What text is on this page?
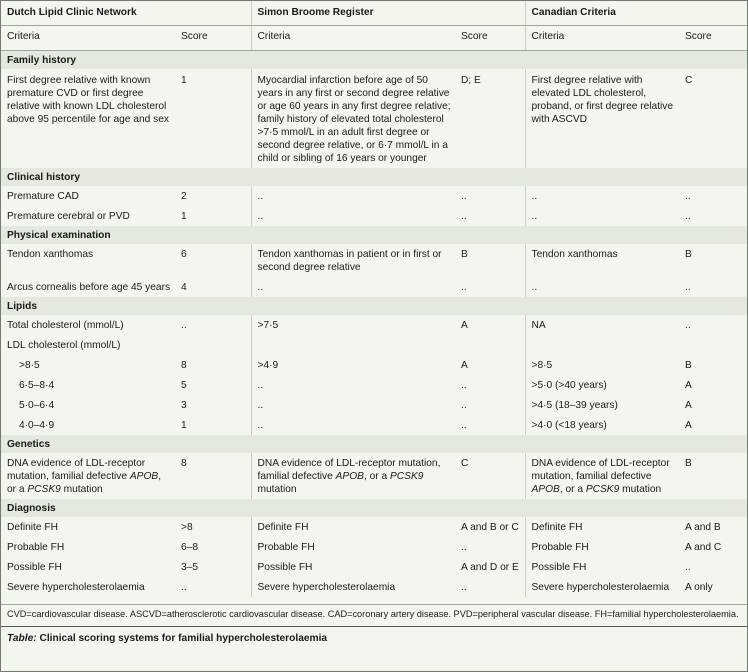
Dutch Lipid Clinic Network		Simon Broome Register		Canadian Criteria	
Criteria	Score	Criteria	Score	Criteria	Score
Family history					
First degree relative with known premature CVD or first degree relative with known LDL cholesterol above 95 percentile for age and sex	1	Myocardial infarction before age of 50 years in any first or second degree relative or age 60 years in any first degree relative; family history of elevated total cholesterol >7·5 mmol/L in an adult first degree or second degree relative, or 6·7 mmol/L in a child or sibling of 16 years or younger	D; E	First degree relative with elevated LDL cholesterol, proband, or first degree relative with ASCVD	C
Clinical history					
Premature CAD	2	..	..	..	..
Premature cerebral or PVD	1	..	..	..	..
Physical examination					
Tendon xanthomas	6	Tendon xanthomas in patient or in first or second degree relative	B	Tendon xanthomas	B
Arcus cornealis before age 45 years	4	..	..	..	..
Lipids					
Total cholesterol (mmol/L)	..	>7·5	A	NA	..
LDL cholesterol (mmol/L)					
>8·5	8	>4·9	A	>8·5	B
6·5–8·4	5	..	..	>5·0 (>40 years)	A
5·0–6·4	3	..	..	>4·5 (18–39 years)	A
4·0–4·9	1	..	..	>4·0 (<18 years)	A
Genetics					
DNA evidence of LDL-receptor mutation, familial defective APOB, or a PCSK9 mutation	8	DNA evidence of LDL-receptor mutation, familial defective APOB, or a PCSK9 mutation	C	DNA evidence of LDL-receptor mutation, familial defective APOB, or a PCSK9 mutation	B
Diagnosis					
Definite FH	>8	Definite FH	A and B or C	Definite FH	A and B
Probable FH	6–8	Probable FH	..	Probable FH	A and C
Possible FH	3–5	Possible FH	A and D or E	Possible FH	..
Severe hypercholesterolaemia	..	Severe hypercholesterolaemia	..	Severe hypercholesterolaemia	A only
CVD=cardiovascular disease. ASCVD=atherosclerotic cardiovascular disease. CAD=coronary artery disease. PVD=peripheral vascular disease. FH=familial hypercholesterolaemia.
Table: Clinical scoring systems for familial hypercholesterolaemia
